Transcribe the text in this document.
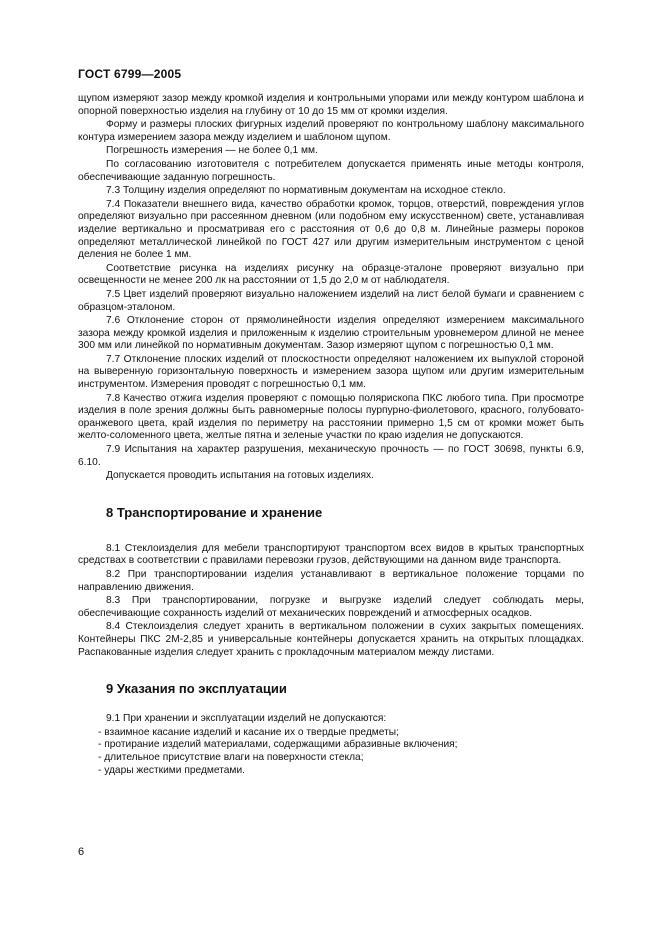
ГОСТ 6799—2005

щупом измеряют зазор между кромкой изделия и контрольными упорами или между контуром шаблона и опорной поверхностью изделия на глубину от 10 до 15 мм от кромки изделия.

Форму и размеры плоских фигурных изделий проверяют по контрольному шаблону максимального контура измерением зазора между изделием и шаблоном щупом.

Погрешность измерения — не более 0,1 мм.

По согласованию изготовителя с потребителем допускается применять иные методы контроля, обеспечивающие заданную погрешность.

7.3 Толщину изделия определяют по нормативным документам на исходное стекло.

7.4 Показатели внешнего вида, качество обработки кромок, торцов, отверстий, повреждения углов определяют визуально при рассеянном дневном (или подобном ему искусственном) свете, устанавливая изделие вертикально и просматривая его с расстояния от 0,6 до 0,8 м. Линейные размеры пороков определяют металлической линейкой по ГОСТ 427 или другим измерительным инструментом с ценой деления не более 1 мм.

Соответствие рисунка на изделиях рисунку на образце-эталоне проверяют визуально при освещенности не менее 200 лк на расстоянии от 1,5 до 2,0 м от наблюдателя.

7.5 Цвет изделий проверяют визуально наложением изделий на лист белой бумаги и сравнением с образцом-эталоном.

7.6 Отклонение сторон от прямолинейности изделия определяют измерением максимального зазора между кромкой изделия и приложенным к изделию строительным уровнемером длиной не менее 300 мм или линейкой по нормативным документам. Зазор измеряют щупом с погрешностью 0,1 мм.

7.7 Отклонение плоских изделий от плоскостности определяют наложением их выпуклой стороной на выверенную горизонтальную поверхность и измерением зазора щупом или другим измерительным инструментом. Измерения проводят с погрешностью 0,1 мм.

7.8 Качество отжига изделия проверяют с помощью полярископа ПКС любого типа. При просмотре изделия в поле зрения должны быть равномерные полосы пурпурно-фиолетового, красного, голубовато-оранжевого цвета, край изделия по периметру на расстоянии примерно 1,5 см от кромки может быть желто-соломенного цвета, желтые пятна и зеленые участки по краю изделия не допускаются.

7.9 Испытания на характер разрушения, механическую прочность — по ГОСТ 30698, пункты 6.9, 6.10.

Допускается проводить испытания на готовых изделиях.

8 Транспортирование и хранение

8.1 Стеклоизделия для мебели транспортируют транспортом всех видов в крытых транспортных средствах в соответствии с правилами перевозки грузов, действующими на данном виде транспорта.

8.2 При транспортировании изделия устанавливают в вертикальное положение торцами по направлению движения.

8.3 При транспортировании, погрузке и выгрузке изделий следует соблюдать меры, обеспечивающие сохранность изделий от механических повреждений и атмосферных осадков.

8.4 Стеклоизделия следует хранить в вертикальном положении в сухих закрытых помещениях. Контейнеры ПКС 2М-2,85 и универсальные контейнеры допускается хранить на открытых площадках. Распакованные изделия следует хранить с прокладочным материалом между листами.

9 Указания по эксплуатации

9.1 При хранении и эксплуатации изделий не допускаются:

- взаимное касание изделий и касание их о твердые предметы;
- протирание изделий материалами, содержащими абразивные включения;
- длительное присутствие влаги на поверхности стекла;
- удары жесткими предметами.
6
